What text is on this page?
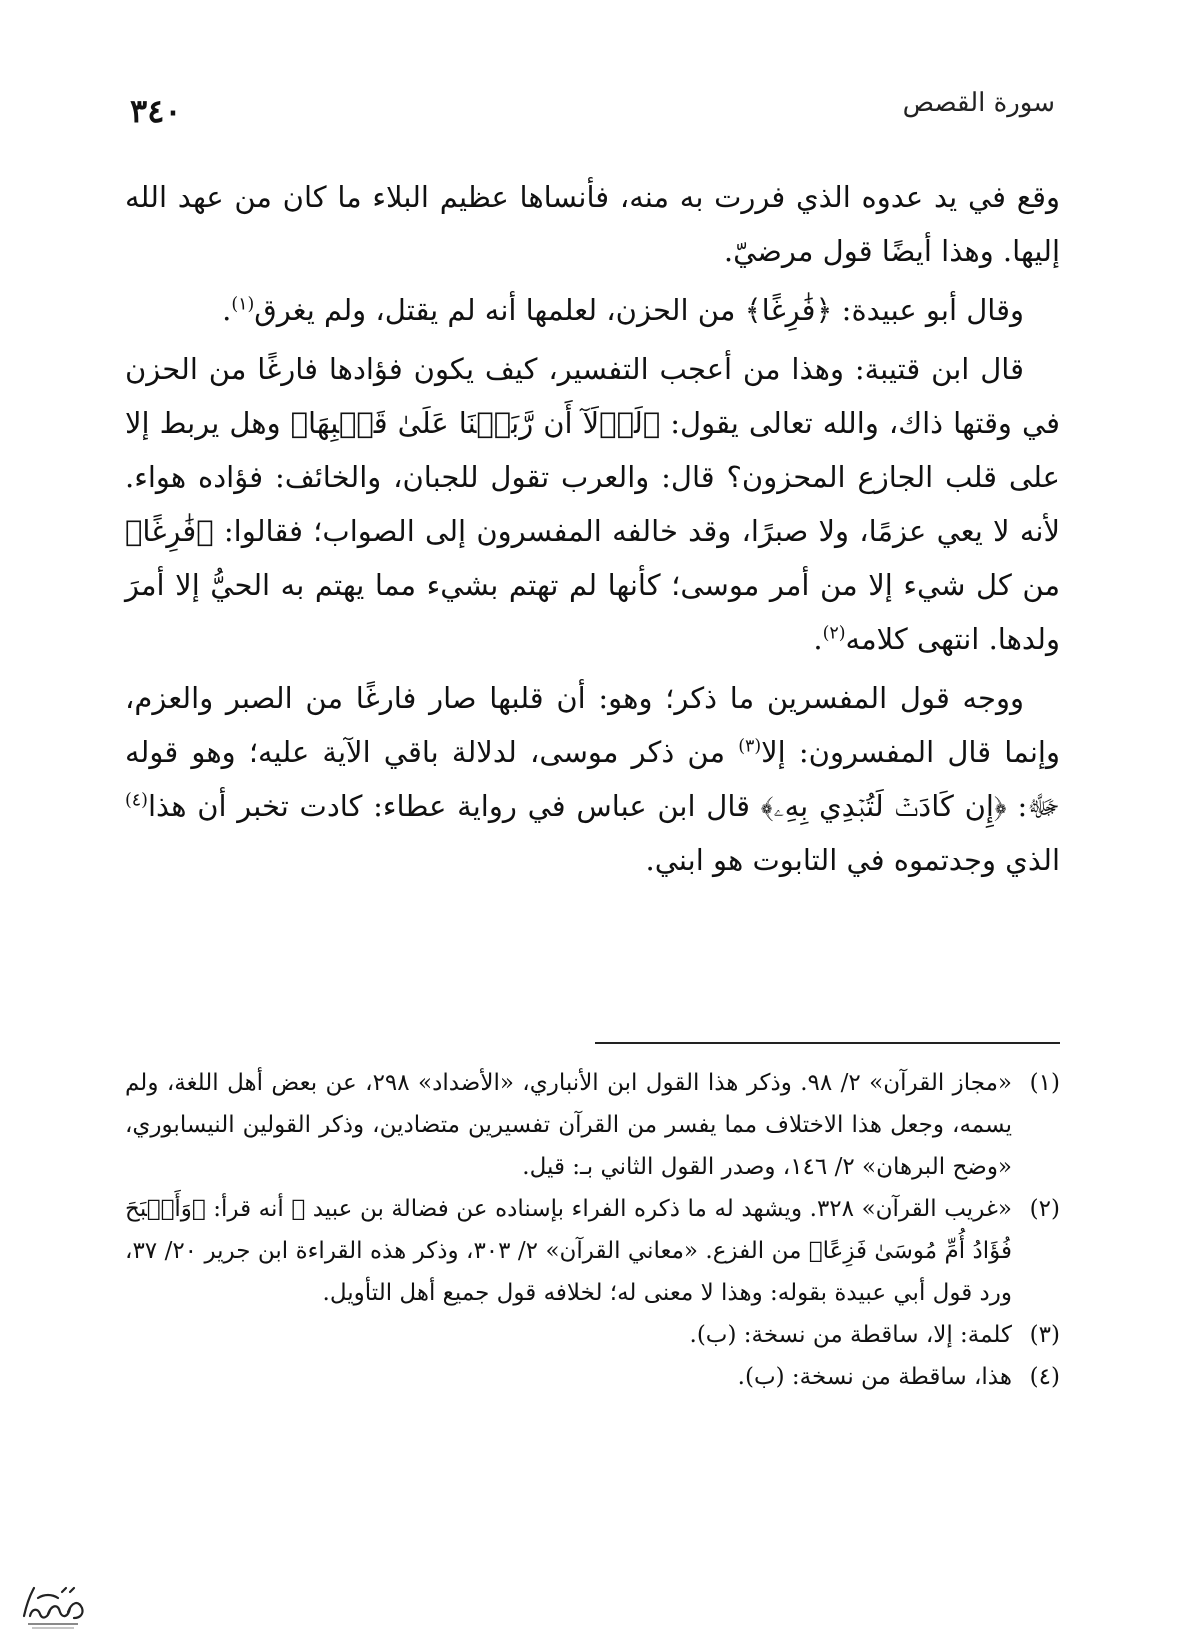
سورة القصص
٣٤٠

وقع في يد عدوه الذي فررت به منه، فأنساها عظيم البلاء ما كان من عهد الله إليها. وهذا أيضًا قول مرضيّ.

وقال أبو عبيدة: ﴿فَٰرِغًا﴾ من الحزن، لعلمها أنه لم يقتل، ولم يغرق$^{(١)}$.

قال ابن قتيبة: وهذا من أعجب التفسير، كيف يكون فؤادها فارغًا من الحزن في وقتها ذاك، والله تعالى يقول: ﴿لَوۡلَآ أَن رَّبَطۡنَا عَلَىٰ قَلۡبِهَا﴾ وهل يربط إلا على قلب الجازع المحزون؟ قال: والعرب تقول للجبان، والخائف: فؤاده هواء. لأنه لا يعي عزمًا، ولا صبرًا، وقد خالفه المفسرون إلى الصواب؛ فقالوا: ﴿فَٰرِغًا﴾ من كل شيء إلا من أمر موسى؛ كأنها لم تهتم بشيء مما يهتم به الحيُّ إلا أمرَ ولدها. انتهى كلامه$^{(٢)}$.

ووجه قول المفسرين ما ذكر؛ وهو: أن قلبها صار فارغًا من الصبر والعزم، وإنما قال المفسرون: إلا$^{(٣)}$ من ذكر موسى، لدلالة باقي الآية عليه؛ وهو قوله ﷻ: ﴿إِن كَادَتۡ لَتُبۡدِي بِهِۦ﴾ قال ابن عباس في رواية عطاء: كادت تخبر أن هذا$^{(٤)}$ الذي وجدتموه في التابوت هو ابني.

(١)
«مجاز القرآن» ٢/ ٩٨. وذكر هذا القول ابن الأنباري، «الأضداد» ٢٩٨، عن بعض أهل اللغة، ولم يسمه، وجعل هذا الاختلاف مما يفسر من القرآن تفسيرين متضادين، وذكر القولين النيسابوري، «وضح البرهان» ٢/ ١٤٦، وصدر القول الثاني بـ: قيل.
(٢)
«غريب القرآن» ٣٢٨. ويشهد له ما ذكره الفراء بإسناده عن فضالة بن عبيد ﵁ أنه قرأ: ﴿وَأَصۡبَحَ فُؤَادُ أُمِّ مُوسَىٰ فَزِعًا﴾ من الفزع. «معاني القرآن» ٢/ ٣٠٣، وذكر هذه القراءة ابن جرير ٢٠/ ٣٧، ورد قول أبي عبيدة بقوله: وهذا لا معنى له؛ لخلافه قول جميع أهل التأويل.
(٣)
كلمة: إلا، ساقطة من نسخة: (ب).
(٤)
هذا، ساقطة من نسخة: (ب).
